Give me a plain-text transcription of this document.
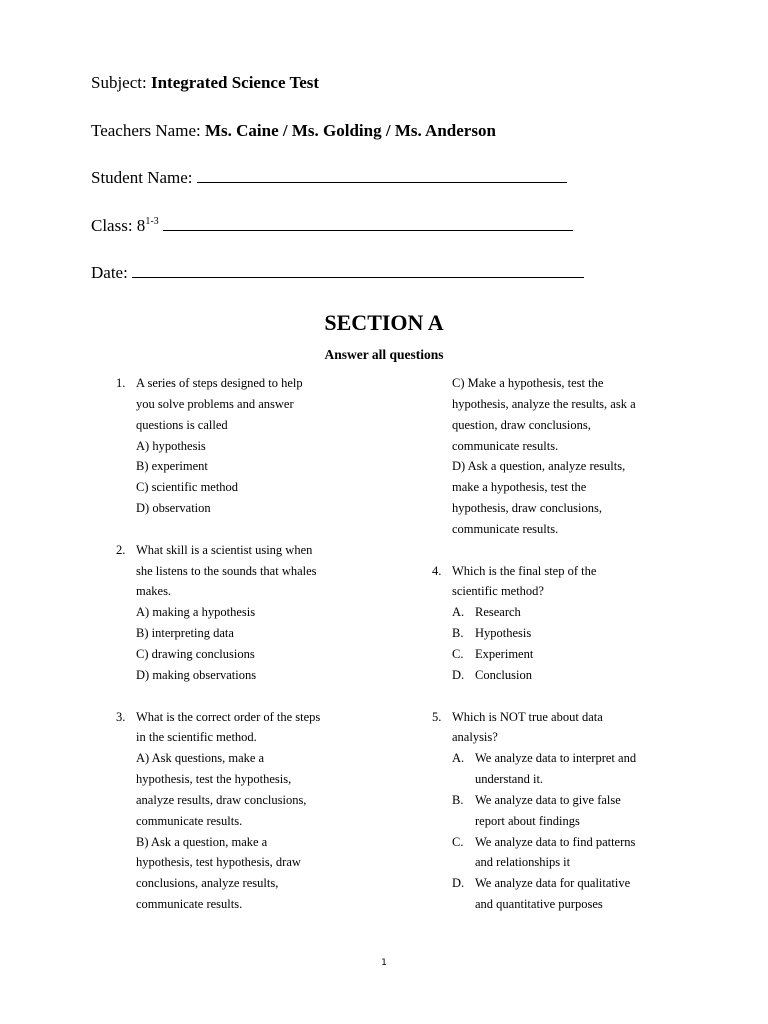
Subject: Integrated Science Test
Teachers Name: Ms. Caine / Ms. Golding / Ms. Anderson
Student Name:
Class: 8$^{1-3}$
Date:
SECTION A
Answer all questions
1. A series of steps designed to help
you solve problems and answer
questions is called
A) hypothesis
B) experiment
C) scientific method
D) observation
2. What skill is a scientist using when
she listens to the sounds that whales
makes.
A) making a hypothesis
B) interpreting data
C) drawing conclusions
D) making observations
3. What is the correct order of the steps
in the scientific method.
A) Ask questions, make a
hypothesis, test the hypothesis,
analyze results, draw conclusions,
communicate results.
B) Ask a question, make a
hypothesis, test hypothesis, draw
conclusions, analyze results,
communicate results.
C) Make a hypothesis, test the
hypothesis, analyze the results, ask a
question, draw conclusions,
communicate results.
D) Ask a question, analyze results,
make a hypothesis, test the
hypothesis, draw conclusions,
communicate results.
4. Which is the final step of the
scientific method?
A. Research
B. Hypothesis
C. Experiment
D. Conclusion
5. Which is NOT true about data
analysis?
A. We analyze data to interpret and
understand it.
B. We analyze data to give false
report about findings
C. We analyze data to find patterns
and relationships it
D. We analyze data for qualitative
and quantitative purposes
1
